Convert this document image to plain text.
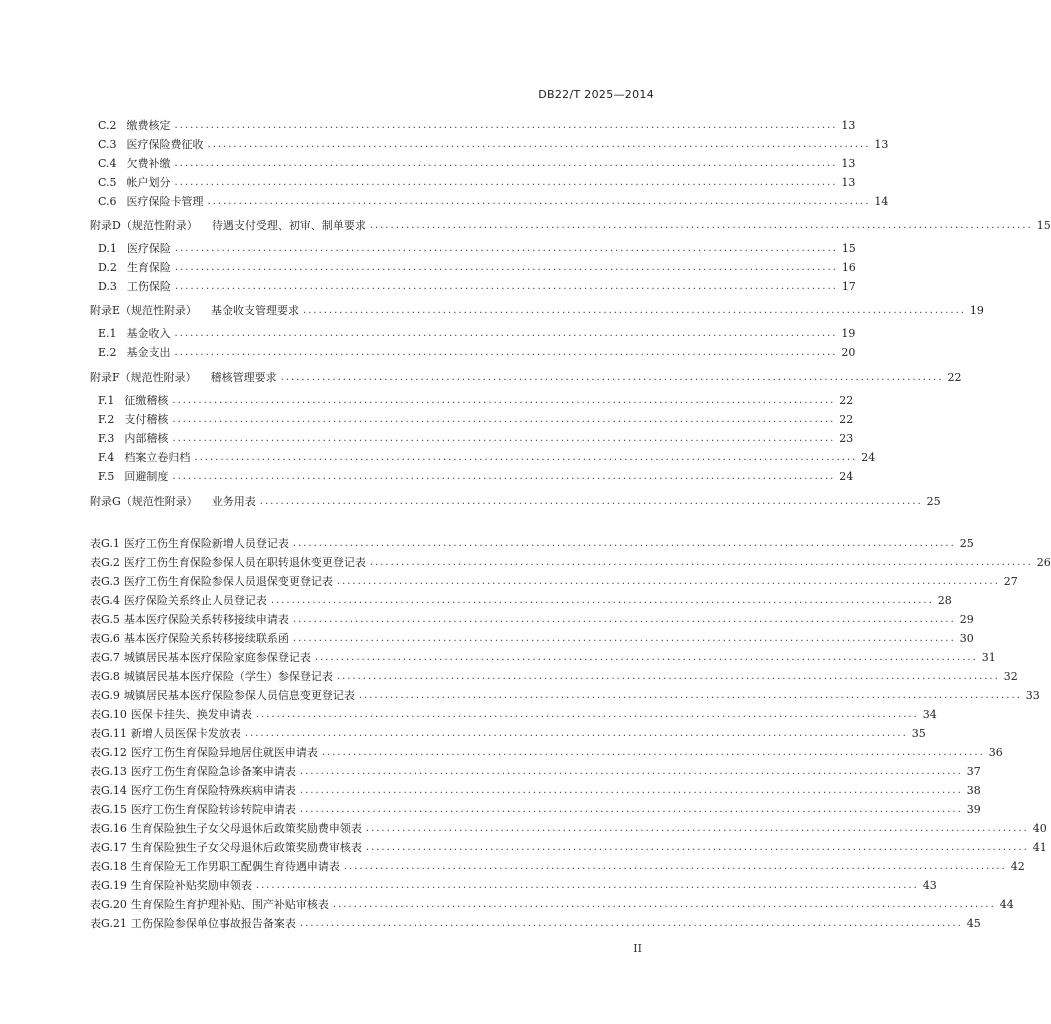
DB22/T 2025—2014
C.2 缴费核定 ................................................................................................................................ 13
C.3 医疗保险费征收 ................................................................................................................................ 13
C.4 欠费补缴 ................................................................................................................................ 13
C.5 帐户划分 ................................................................................................................................ 13
C.6 医疗保险卡管理 ................................................................................................................................ 14
附录D（规范性附录） 待遇支付受理、初审、制单要求 ................................................................................................................................ 15
D.1 医疗保险 ................................................................................................................................ 15
D.2 生育保险 ................................................................................................................................ 16
D.3 工伤保险 ................................................................................................................................ 17
附录E（规范性附录） 基金收支管理要求 ................................................................................................................................ 19
E.1 基金收入 ................................................................................................................................ 19
E.2 基金支出 ................................................................................................................................ 20
附录F（规范性附录） 稽核管理要求 ................................................................................................................................ 22
F.1 征缴稽核 ................................................................................................................................ 22
F.2 支付稽核 ................................................................................................................................ 22
F.3 内部稽核 ................................................................................................................................ 23
F.4 档案立卷归档 ................................................................................................................................ 24
F.5 回避制度 ................................................................................................................................ 24
附录G（规范性附录） 业务用表 ................................................................................................................................ 25
表G.1 医疗工伤生育保险新增人员登记表 ................................................................................................................................ 25
表G.2 医疗工伤生育保险参保人员在职转退休变更登记表 ................................................................................................................................ 26
表G.3 医疗工伤生育保险参保人员退保变更登记表 ................................................................................................................................ 27
表G.4 医疗保险关系终止人员登记表 ................................................................................................................................ 28
表G.5 基本医疗保险关系转移接续申请表 ................................................................................................................................ 29
表G.6 基本医疗保险关系转移接续联系函 ................................................................................................................................ 30
表G.7 城镇居民基本医疗保险家庭参保登记表 ................................................................................................................................ 31
表G.8 城镇居民基本医疗保险（学生）参保登记表 ................................................................................................................................ 32
表G.9 城镇居民基本医疗保险参保人员信息变更登记表 ................................................................................................................................ 33
表G.10 医保卡挂失、换发申请表 ................................................................................................................................ 34
表G.11 新增人员医保卡发放表 ................................................................................................................................ 35
表G.12 医疗工伤生育保险异地居住就医申请表 ................................................................................................................................ 36
表G.13 医疗工伤生育保险急诊备案申请表 ................................................................................................................................ 37
表G.14 医疗工伤生育保险特殊疾病申请表 ................................................................................................................................ 38
表G.15 医疗工伤生育保险转诊转院申请表 ................................................................................................................................ 39
表G.16 生育保险独生子女父母退休后政策奖励费申领表 ................................................................................................................................ 40
表G.17 生育保险独生子女父母退休后政策奖励费审核表 ................................................................................................................................ 41
表G.18 生育保险无工作男职工配偶生育待遇申请表 ................................................................................................................................ 42
表G.19 生育保险补贴奖励申领表 ................................................................................................................................ 43
表G.20 生育保险生育护理补贴、围产补贴审核表 ................................................................................................................................ 44
表G.21 工伤保险参保单位事故报告备案表 ................................................................................................................................ 45
II
